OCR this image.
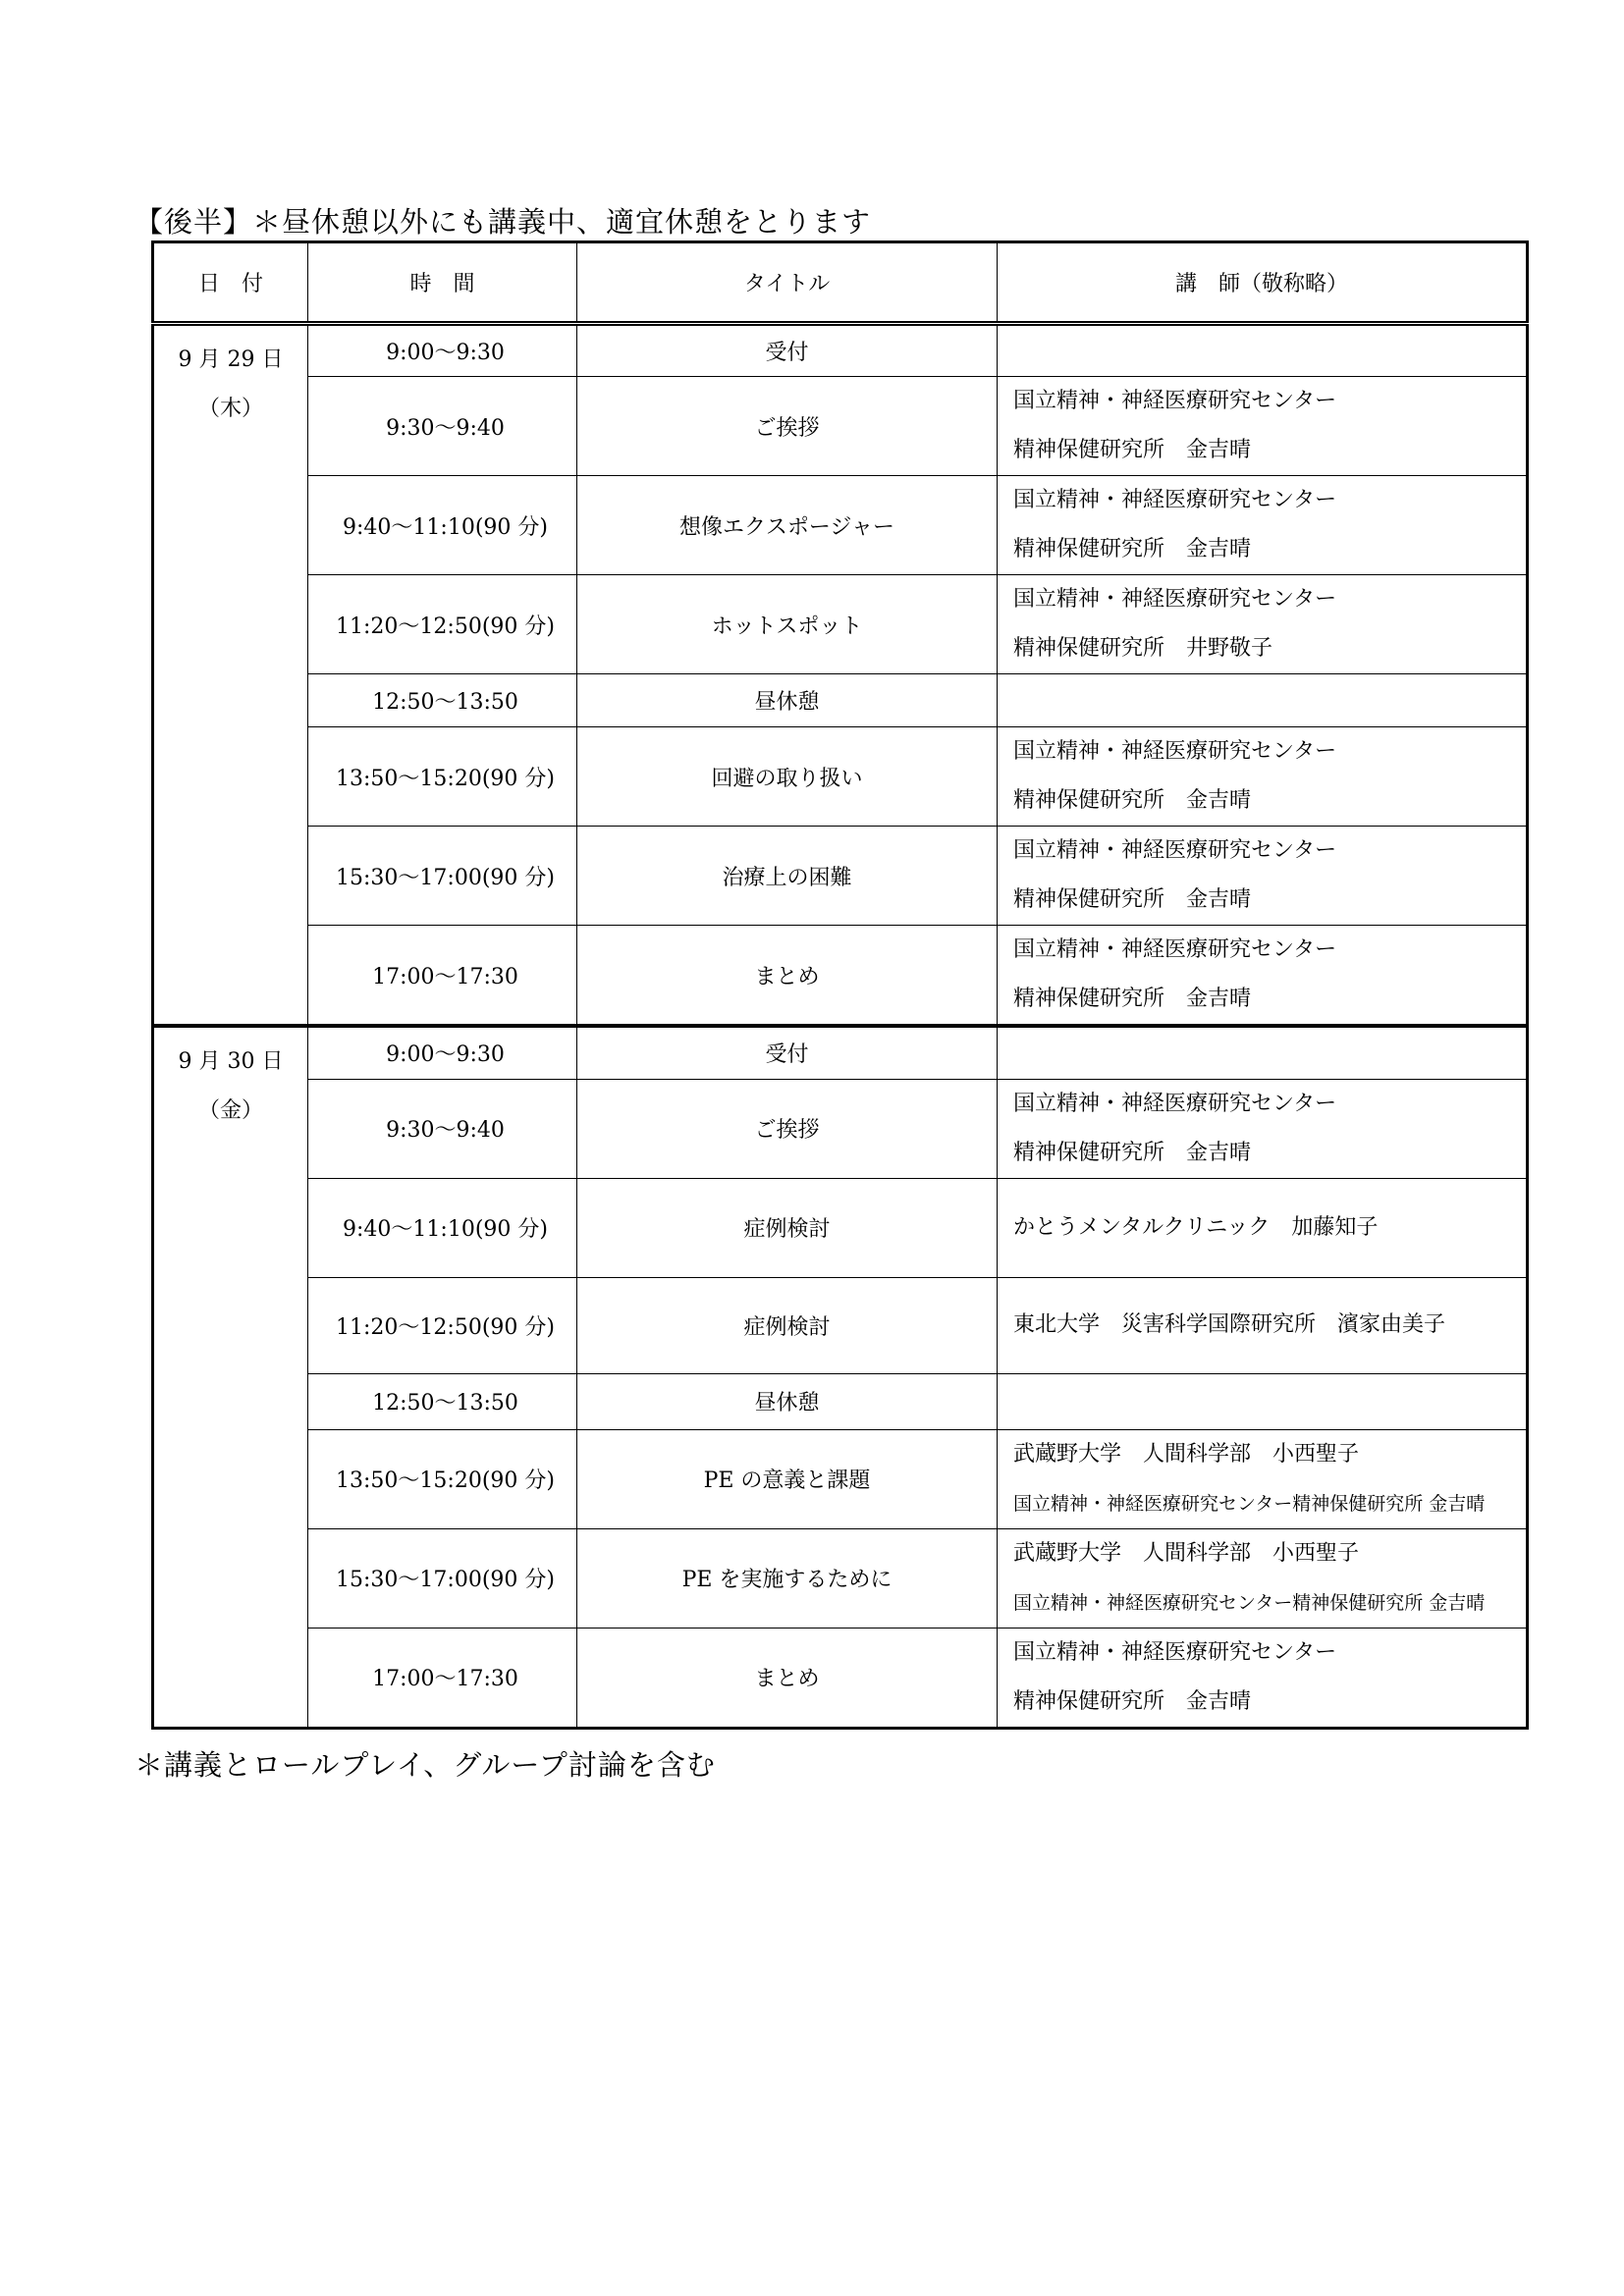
【後半】＊昼休憩以外にも講義中、適宜休憩をとります
日　付	時　間	タイトル	講　師（敬称略）

9 月 29 日
（木）	9:00～9:30	受付	
	9:30～9:40	ご挨拶	国立精神・神経医療研究センター
精神保健研究所　金吉晴

	9:40～11:10(90 分)	想像エクスポージャー	国立精神・神経医療研究センター
精神保健研究所　金吉晴

	11:20～12:50(90 分)	ホットスポット	国立精神・神経医療研究センター
精神保健研究所　井野敬子

	12:50～13:50	昼休憩	
	13:50～15:20(90 分)	回避の取り扱い	国立精神・神経医療研究センター
精神保健研究所　金吉晴

	15:30～17:00(90 分)	治療上の困難	国立精神・神経医療研究センター
精神保健研究所　金吉晴

	17:00～17:30	まとめ	国立精神・神経医療研究センター
精神保健研究所　金吉晴

9 月 30 日
（金）	9:00～9:30	受付	
	9:30～9:40	ご挨拶	国立精神・神経医療研究センター
精神保健研究所　金吉晴

	9:40～11:10(90 分)	症例検討	かとうメンタルクリニック　加藤知子

	11:20～12:50(90 分)	症例検討	東北大学　災害科学国際研究所　濱家由美子

	12:50～13:50	昼休憩	
	13:50～15:20(90 分)	PE の意義と課題	武蔵野大学　人間科学部　小西聖子
国立精神・神経医療研究センター精神保健研究所 金吉晴

	15:30～17:00(90 分)	PE を実施するために	武蔵野大学　人間科学部　小西聖子
国立精神・神経医療研究センター精神保健研究所 金吉晴

	17:00～17:30	まとめ	国立精神・神経医療研究センター
精神保健研究所　金吉晴
＊講義とロールプレイ、グループ討論を含む
